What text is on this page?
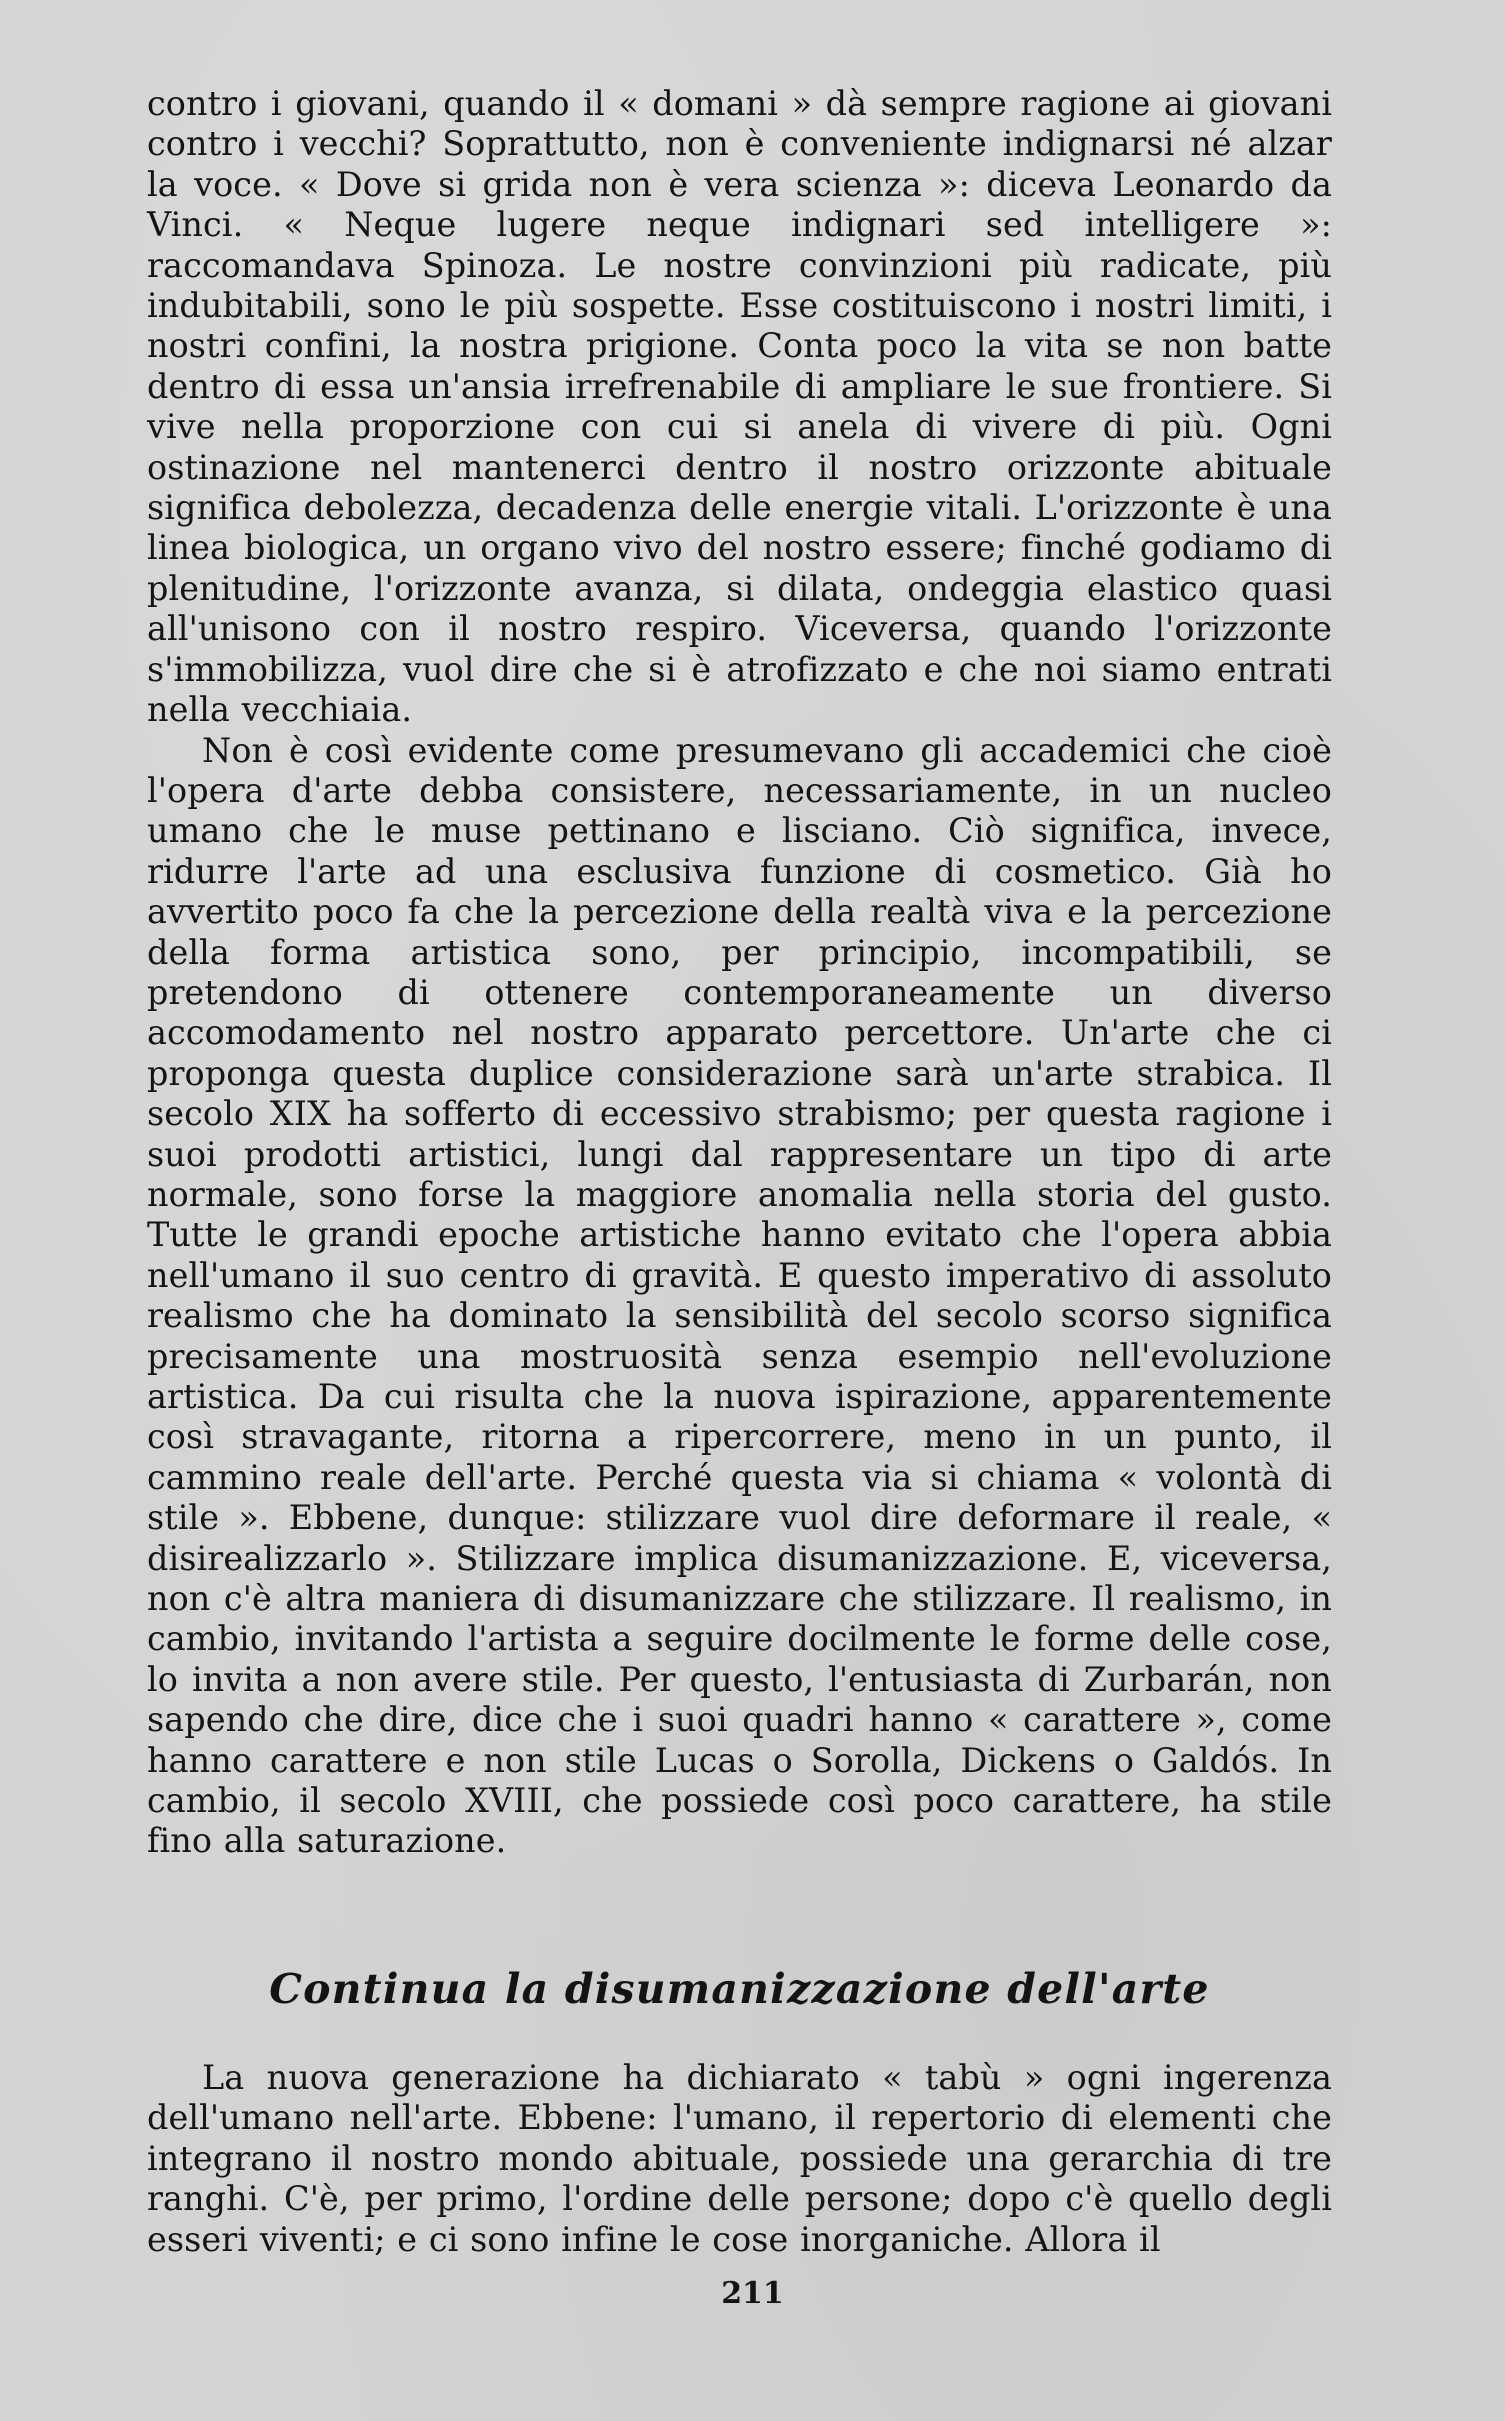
contro i giovani, quando il « domani » dà sempre ragione ai giovani contro i vecchi? Soprattutto, non è conveniente indignarsi né alzar la voce. « Dove si grida non è vera scienza »: diceva Leonardo da Vinci. « Neque lugere neque indignari sed intelligere »: raccomandava Spinoza. Le nostre convinzioni più radicate, più indubitabili, sono le più sospette. Esse costituiscono i nostri limiti, i nostri confini, la nostra prigione. Conta poco la vita se non batte dentro di essa un'ansia irrefrenabile di ampliare le sue frontiere. Si vive nella proporzione con cui si anela di vivere di più. Ogni ostinazione nel mantenerci dentro il nostro orizzonte abituale significa debolezza, decadenza delle energie vitali. L'orizzonte è una linea biologica, un organo vivo del nostro essere; finché godiamo di plenitudine, l'orizzonte avanza, si dilata, ondeggia elastico quasi all'unisono con il nostro respiro. Viceversa, quando l'orizzonte s'immobilizza, vuol dire che si è atrofizzato e che noi siamo entrati nella vecchiaia.

Non è così evidente come presumevano gli accademici che cioè l'opera d'arte debba consistere, necessariamente, in un nucleo umano che le muse pettinano e lisciano. Ciò significa, invece, ridurre l'arte ad una esclusiva funzione di cosmetico. Già ho avvertito poco fa che la percezione della realtà viva e la percezione della forma artistica sono, per principio, incompatibili, se pretendono di ottenere contemporaneamente un diverso accomodamento nel nostro apparato percettore. Un'arte che ci proponga questa duplice considerazione sarà un'arte strabica. Il secolo XIX ha sofferto di eccessivo strabismo; per questa ragione i suoi prodotti artistici, lungi dal rappresentare un tipo di arte normale, sono forse la maggiore anomalia nella storia del gusto. Tutte le grandi epoche artistiche hanno evitato che l'opera abbia nell'umano il suo centro di gravità. E questo imperativo di assoluto realismo che ha dominato la sensibilità del secolo scorso significa precisamente una mostruosità senza esempio nell'evoluzione artistica. Da cui risulta che la nuova ispirazione, apparentemente così stravagante, ritorna a ripercorrere, meno in un punto, il cammino reale dell'arte. Perché questa via si chiama « volontà di stile ». Ebbene, dunque: stilizzare vuol dire deformare il reale, « disirealizzarlo ». Stilizzare implica disumanizzazione. E, viceversa, non c'è altra maniera di disumanizzare che stilizzare. Il realismo, in cambio, invitando l'artista a seguire docilmente le forme delle cose, lo invita a non avere stile. Per questo, l'entusiasta di Zurbarán, non sapendo che dire, dice che i suoi quadri hanno « carattere », come hanno carattere e non stile Lucas o Sorolla, Dickens o Galdós. In cambio, il secolo XVIII, che possiede così poco carattere, ha stile fino alla saturazione.

Continua la disumanizzazione dell'arte

La nuova generazione ha dichiarato « tabù » ogni ingerenza dell'umano nell'arte. Ebbene: l'umano, il repertorio di elementi che integrano il nostro mondo abituale, possiede una gerarchia di tre ranghi. C'è, per primo, l'ordine delle persone; dopo c'è quello degli esseri viventi; e ci sono infine le cose inorganiche. Allora il

211
